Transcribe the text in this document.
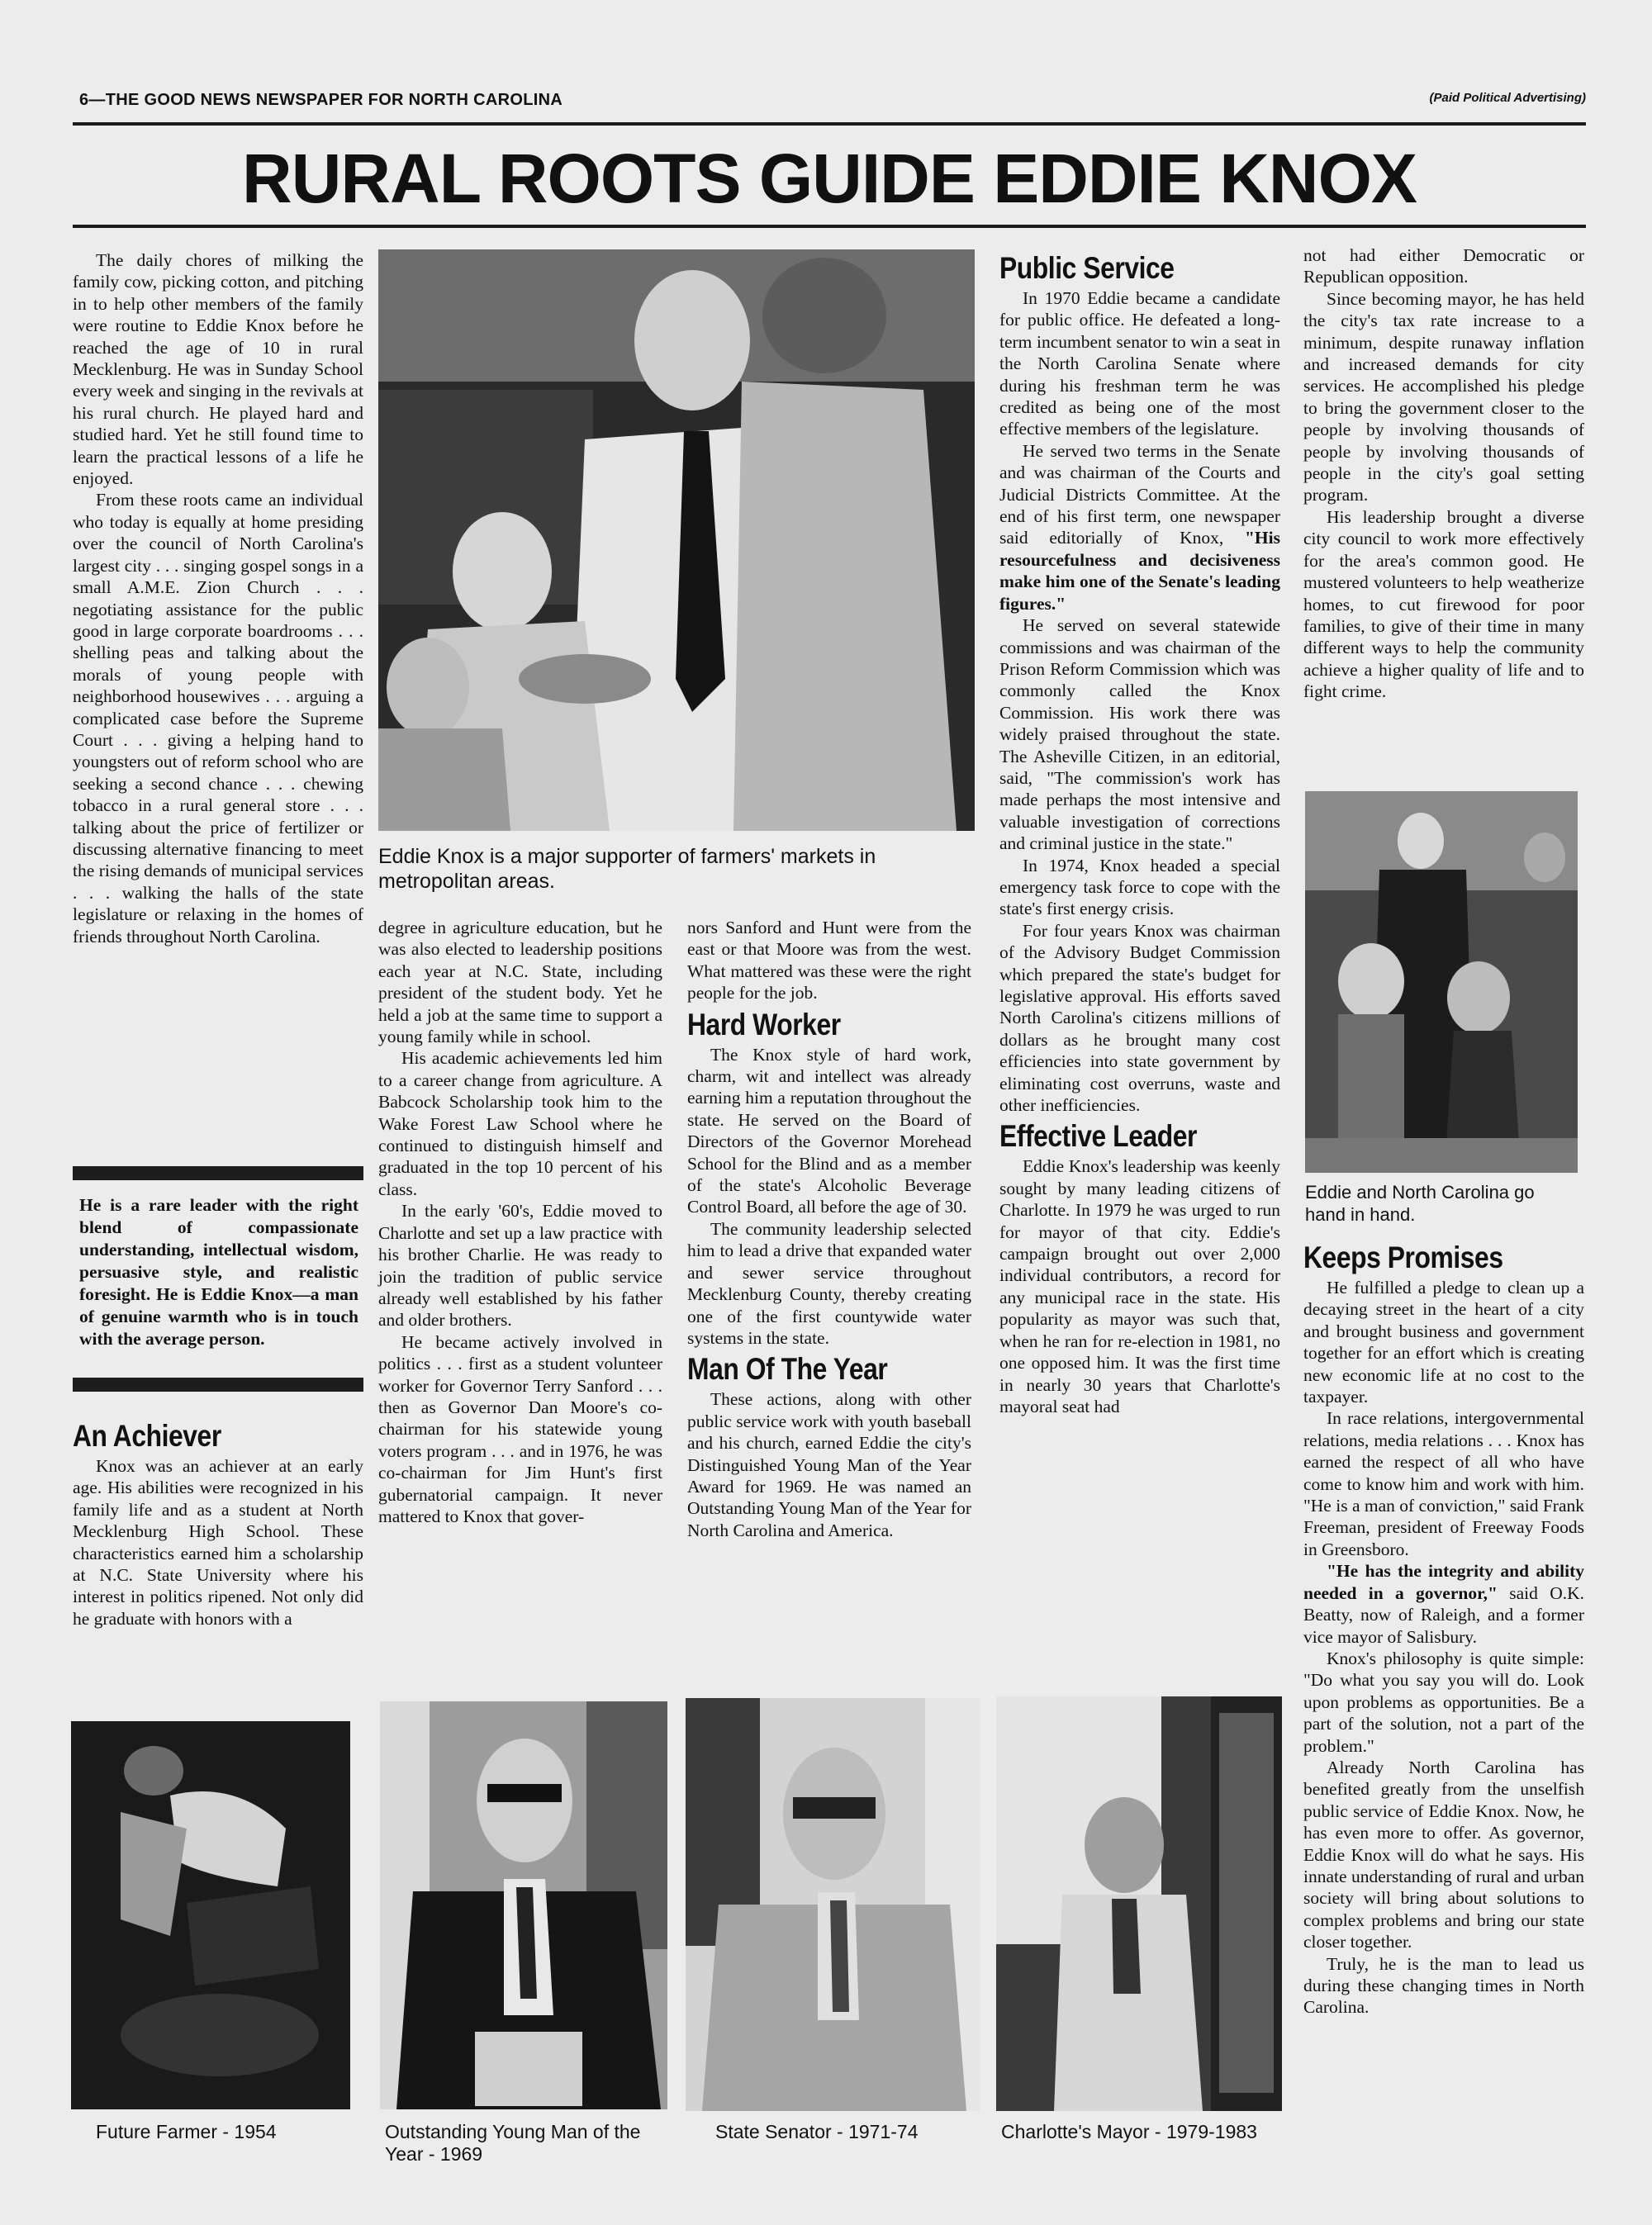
6—THE GOOD NEWS NEWSPAPER FOR NORTH CAROLINA	(Paid Political Advertising)
RURAL ROOTS GUIDE EDDIE KNOX

The daily chores of milking the family cow, picking cotton, and pitching in to help other members of the family were routine to Eddie Knox before he reached the age of 10 in rural Mecklenburg. He was in Sunday School every week and singing in the revivals at his rural church. He played hard and studied hard. Yet he still found time to learn the practical lessons of a life he enjoyed.

From these roots came an individual who today is equally at home presiding over the council of North Carolina's largest city . . . singing gospel songs in a small A.M.E. Zion Church . . . negotiating assistance for the public good in large corporate boardrooms . . . shelling peas and talking about the morals of young people with neighborhood housewives . . . arguing a complicated case before the Supreme Court . . . giving a helping hand to youngsters out of reform school who are seeking a second chance . . . chewing tobacco in a rural general store . . . talking about the price of fertilizer or discussing alternative financing to meet the rising demands of municipal services . . . walking the halls of the state legislature or relaxing in the homes of friends throughout North Carolina.

He is a rare leader with the right blend of compassionate understanding, intellectual wisdom, persuasive style, and realistic foresight. He is Eddie Knox—a man of genuine warmth who is in touch with the average person.
An Achiever

Knox was an achiever at an early age. His abilities were recognized in his family life and as a student at North Mecklenburg High School. These characteristics earned him a scholarship at N.C. State University where his interest in politics ripened. Not only did he graduate with honors with a

Eddie Knox is a major supporter of farmers' markets in metropolitan areas.

degree in agriculture education, but he was also elected to leadership positions each year at N.C. State, including president of the student body. Yet he held a job at the same time to support a young family while in school.

His academic achievements led him to a career change from agriculture. A Babcock Scholarship took him to the Wake Forest Law School where he continued to distinguish himself and graduated in the top 10 percent of his class.

In the early '60's, Eddie moved to Charlotte and set up a law practice with his brother Charlie. He was ready to join the tradition of public service already well established by his father and older brothers.

He became actively involved in politics . . . first as a student volunteer worker for Governor Terry Sanford . . . then as Governor Dan Moore's co-chairman for his statewide young voters program . . . and in 1976, he was co-chairman for Jim Hunt's first gubernatorial campaign. It never mattered to Knox that gover-

nors Sanford and Hunt were from the east or that Moore was from the west. What mattered was these were the right people for the job.

Hard Worker

The Knox style of hard work, charm, wit and intellect was already earning him a reputation throughout the state. He served on the Board of Directors of the Governor Morehead School for the Blind and as a member of the state's Alcoholic Beverage Control Board, all before the age of 30.

The community leadership selected him to lead a drive that expanded water and sewer service throughout Mecklenburg County, thereby creating one of the first countywide water systems in the state.

Man Of The Year

These actions, along with other public service work with youth baseball and his church, earned Eddie the city's Distinguished Young Man of the Year Award for 1969. He was named an Outstanding Young Man of the Year for North Carolina and America.

Public Service

In 1970 Eddie became a candidate for public office. He defeated a long-term incumbent senator to win a seat in the North Carolina Senate where during his freshman term he was credited as being one of the most effective members of the legislature.

He served two terms in the Senate and was chairman of the Courts and Judicial Districts Committee. At the end of his first term, one newspaper said editorially of Knox, "His resourcefulness and decisiveness make him one of the Senate's leading figures."

He served on several statewide commissions and was chairman of the Prison Reform Commission which was commonly called the Knox Commission. His work there was widely praised throughout the state. The Asheville Citizen, in an editorial, said, "The commission's work has made perhaps the most intensive and valuable investigation of corrections and criminal justice in the state."

In 1974, Knox headed a special emergency task force to cope with the state's first energy crisis.

For four years Knox was chairman of the Advisory Budget Commission which prepared the state's budget for legislative approval. His efforts saved North Carolina's citizens millions of dollars as he brought many cost efficiencies into state government by eliminating cost overruns, waste and other inefficiencies.

Effective Leader

Eddie Knox's leadership was keenly sought by many leading citizens of Charlotte. In 1979 he was urged to run for mayor of that city. Eddie's campaign brought out over 2,000 individual contributors, a record for any municipal race in the state. His popularity as mayor was such that, when he ran for re-election in 1981, no one opposed him. It was the first time in nearly 30 years that Charlotte's mayoral seat had

not had either Democratic or Republican opposition.

Since becoming mayor, he has held the city's tax rate increase to a minimum, despite runaway inflation and increased demands for city services. He accomplished his pledge to bring the government closer to the people by involving thousands of people by involving thousands of people in the city's goal setting program.

His leadership brought a diverse city council to work more effectively for the area's common good. He mustered volunteers to help weatherize homes, to cut firewood for poor families, to give of their time in many different ways to help the community achieve a higher quality of life and to fight crime.

Eddie and North Carolina go hand in hand.
Keeps Promises

He fulfilled a pledge to clean up a decaying street in the heart of a city and brought business and government together for an effort which is creating new economic life at no cost to the taxpayer.

In race relations, intergovernmental relations, media relations . . . Knox has earned the respect of all who have come to know him and work with him. "He is a man of conviction," said Frank Freeman, president of Freeway Foods in Greensboro.

"He has the integrity and ability needed in a governor," said O.K. Beatty, now of Raleigh, and a former vice mayor of Salisbury.

Knox's philosophy is quite simple: "Do what you say you will do. Look upon problems as opportunities. Be a part of the solution, not a part of the problem."

Already North Carolina has benefited greatly from the unselfish public service of Eddie Knox. Now, he has even more to offer. As governor, Eddie Knox will do what he says. His innate understanding of rural and urban society will bring about solutions to complex problems and bring our state closer together.

Truly, he is the man to lead us during these changing times in North Carolina.

Future Farmer - 1954	Outstanding Young Man of the Year - 1969
State Senator - 1971-74	Charlotte's Mayor - 1979-1983
